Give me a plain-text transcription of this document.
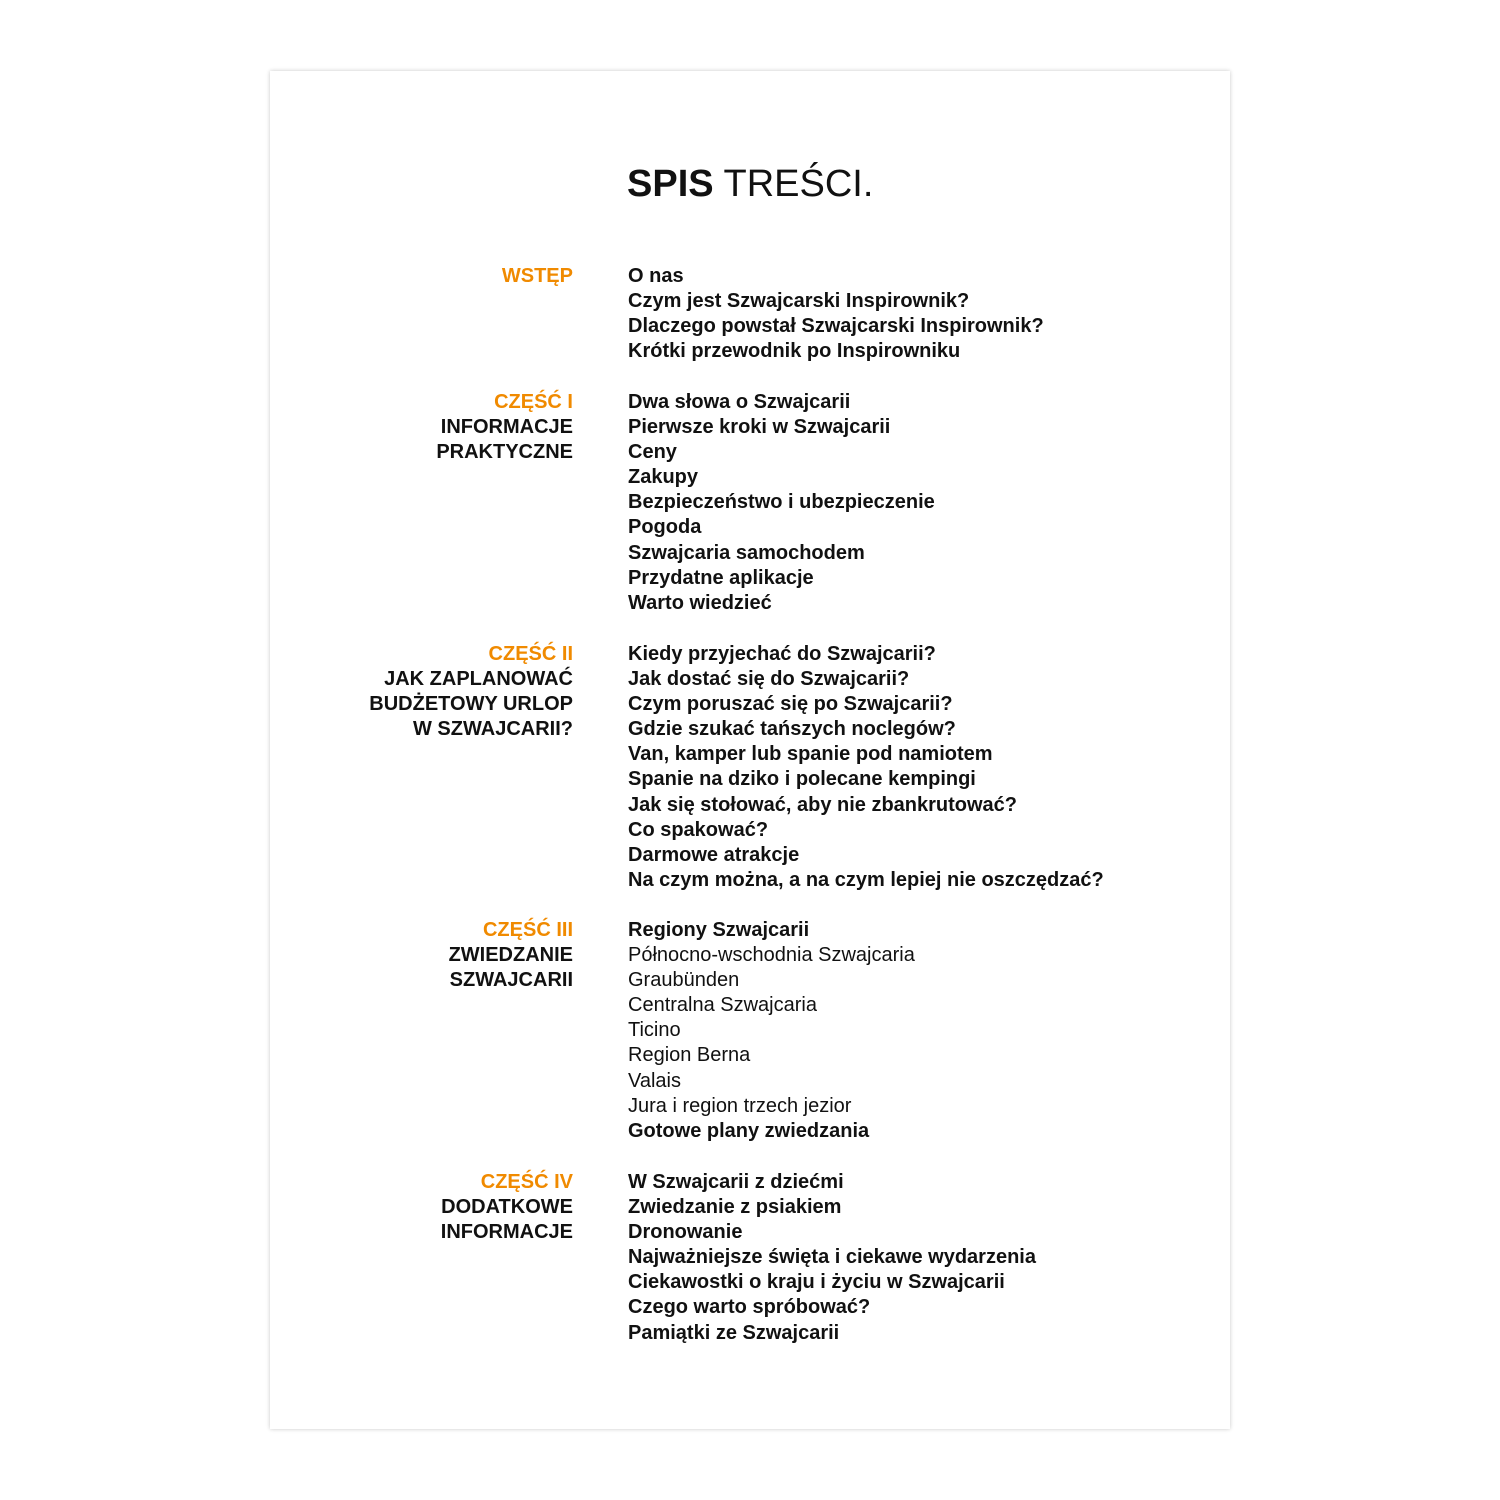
SPIS TREŚCI.
WSTĘP	O nas
Czym jest Szwajcarski Inspirownik?
Dlaczego powstał Szwajcarski Inspirownik?
Krótki przewodnik po Inspirowniku
CZĘŚĆ I
INFORMACJE
PRAKTYCZNE
Dwa słowa o Szwajcarii
Pierwsze kroki w Szwajcarii
Ceny
Zakupy
Bezpieczeństwo i ubezpieczenie
Pogoda
Szwajcaria samochodem
Przydatne aplikacje
Warto wiedzieć
CZĘŚĆ II
JAK ZAPLANOWAĆ
BUDŻETOWY URLOP
W SZWAJCARII?
Kiedy przyjechać do Szwajcarii?
Jak dostać się do Szwajcarii?
Czym poruszać się po Szwajcarii?
Gdzie szukać tańszych noclegów?
Van, kamper lub spanie pod namiotem
Spanie na dziko i polecane kempingi
Jak się stołować, aby nie zbankrutować?
Co spakować?
Darmowe atrakcje
Na czym można, a na czym lepiej nie oszczędzać?
CZĘŚĆ III
ZWIEDZANIE
SZWAJCARII
Regiony Szwajcarii
Północno-wschodnia Szwajcaria
Graubünden
Centralna Szwajcaria
Ticino
Region Berna
Valais
Jura i region trzech jezior
Gotowe plany zwiedzania
CZĘŚĆ IV
DODATKOWE
INFORMACJE
W Szwajcarii z dziećmi
Zwiedzanie z psiakiem
Dronowanie
Najważniejsze święta i ciekawe wydarzenia
Ciekawostki o kraju i życiu w Szwajcarii
Czego warto spróbować?
Pamiątki ze Szwajcarii
